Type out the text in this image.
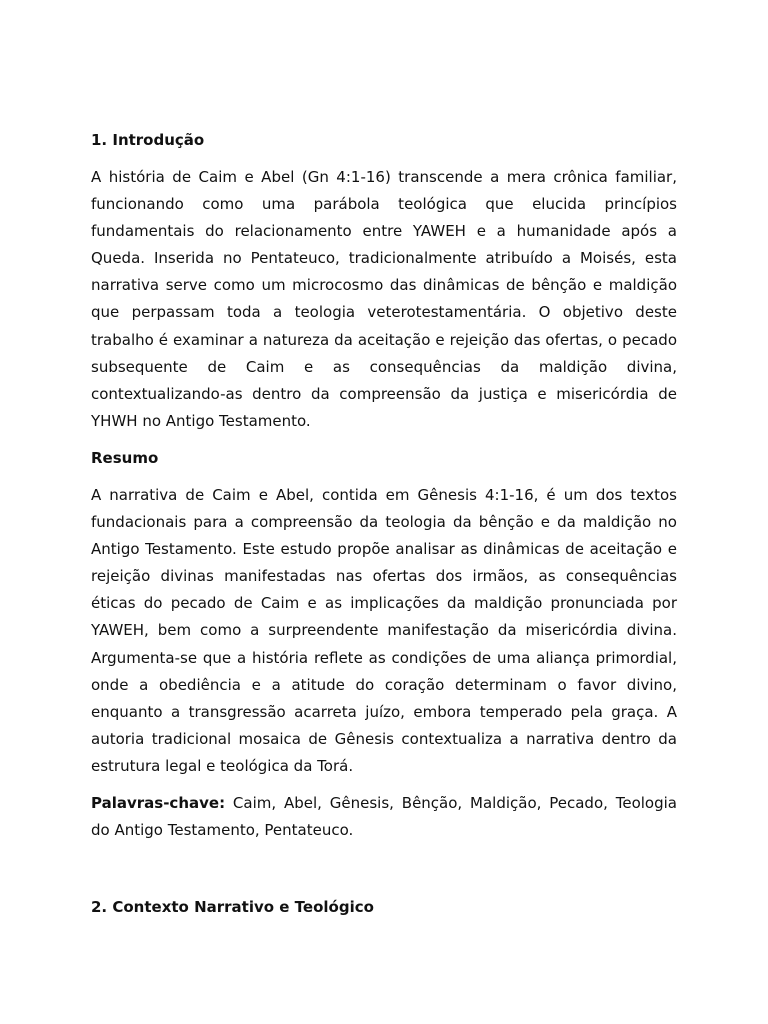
1. Introdução

A história de Caim e Abel (Gn 4:1-16) transcende a mera crônica familiar, funcionando como uma parábola teológica que elucida princípios fundamentais do relacionamento entre YAWEH e a humanidade após a Queda. Inserida no Pentateuco, tradicionalmente atribuído a Moisés, esta narrativa serve como um microcosmo das dinâmicas de bênção e maldição que perpassam toda a teologia veterotestamentária. O objetivo deste trabalho é examinar a natureza da aceitação e rejeição das ofertas, o pecado subsequente de Caim e as consequências da maldição divina, contextualizando-as dentro da compreensão da justiça e misericórdia de YHWH no Antigo Testamento.

Resumo

A narrativa de Caim e Abel, contida em Gênesis 4:1-16, é um dos textos fundacionais para a compreensão da teologia da bênção e da maldição no Antigo Testamento. Este estudo propõe analisar as dinâmicas de aceitação e rejeição divinas manifestadas nas ofertas dos irmãos, as consequências éticas do pecado de Caim e as implicações da maldição pronunciada por YAWEH, bem como a surpreendente manifestação da misericórdia divina. Argumenta-se que a história reflete as condições de uma aliança primordial, onde a obediência e a atitude do coração determinam o favor divino, enquanto a transgressão acarreta juízo, embora temperado pela graça. A autoria tradicional mosaica de Gênesis contextualiza a narrativa dentro da estrutura legal e teológica da Torá.

Palavras-chave: Caim, Abel, Gênesis, Bênção, Maldição, Pecado, Teologia do Antigo Testamento, Pentateuco.

2. Contexto Narrativo e Teológico
